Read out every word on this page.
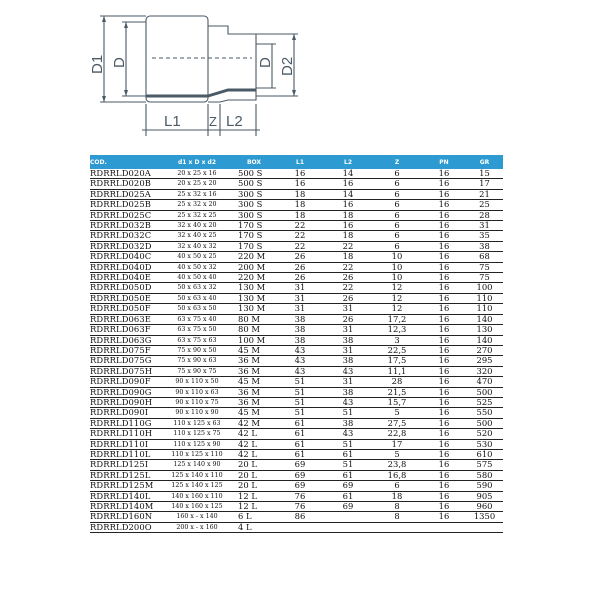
D1 D	D2
D
L1 Z L2
COD.	d1 x D x d2	BOX	L1	L2	Z	PN	GR
RDRRLD020A	20 x 25 x 16	500 S	16	14	6	16	15
RDRRLD020B	20 x 25 x 20	500 S	16	16	6	16	17
RDRRLD025A	25 x 32 x 16	300 S	18	14	6	16	21
RDRRLD025B	25 x 32 x 20	300 S	18	16	6	16	25
RDRRLD025C	25 x 32 x 25	300 S	18	18	6	16	28
RDRRLD032B	32 x 40 x 20	170 S	22	16	6	16	31
RDRRLD032C	32 x 40 x 25	170 S	22	18	6	16	35
RDRRLD032D	32 x 40 x 32	170 S	22	22	6	16	38
RDRRLD040C	40 x 50 x 25	220 M	26	18	10	16	68
RDRRLD040D	40 x 50 x 32	200 M	26	22	10	16	75
RDRRLD040E	40 x 50 x 40	220 M	26	26	10	16	75
RDRRLD050D	50 x 63 x 32	130 M	31	22	12	16	100
RDRRLD050E	50 x 63 x 40	130 M	31	26	12	16	110
RDRRLD050F	50 x 63 x 50	130 M	31	31	12	16	110
RDRRLD063E	63 x 75 x 40	80 M	38	26	17,2	16	140
RDRRLD063F	63 x 75 x 50	80 M	38	31	12,3	16	130
RDRRLD063G	63 x 75 x 63	100 M	38	38	3	16	140
RDRRLD075F	75 x 90 x 50	45 M	43	31	22,5	16	270
RDRRLD075G	75 x 90 x 63	36 M	43	38	17,5	16	295
RDRRLD075H	75 x 90 x 75	36 M	43	43	11,1	16	320
RDRRLD090F	90 x 110 x 50	45 M	51	31	28	16	470
RDRRLD090G	90 x 110 x 63	36 M	51	38	21,5	16	500
RDRRLD090H	90 x 110 x 75	36 M	51	43	15,7	16	525
RDRRLD090I	90 x 110 x 90	45 M	51	51	5	16	550
RDRRLD110G	110 x 125 x 63	42 M	61	38	27,5	16	500
RDRRLD110H	110 x 125 x 75	42 L	61	43	22,8	16	520
RDRRLD110I	110 x 125 x 90	42 L	61	51	17	16	530
RDRRLD110L	110 x 125 x 110	42 L	61	61	5	16	610
RDRRLD125I	125 x 140 x 90	20 L	69	51	23,8	16	575
RDRRLD125L	125 x 140 x 110	20 L	69	61	16,8	16	580
RDRRLD125M	125 x 140 x 125	20 L	69	69	6	16	590
RDRRLD140L	140 x 160 x 110	12 L	76	61	18	16	905
RDRRLD140M	140 x 160 x 125	12 L	76	69	8	16	960
RDRRLD160N	160 x - x 140	6 L	86		8	16	1350
RDRRLD200O	200 x - x 160	4 L					
